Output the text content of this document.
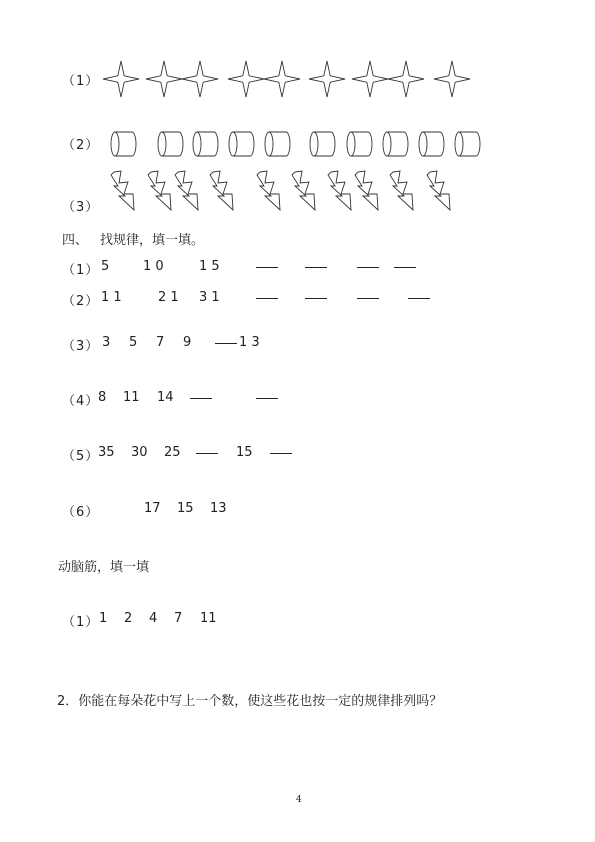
（1）
（2）
（3）
四、 找规律，填一填。
（1） 5	1 0	1 5
（2） 1 1	2 1 3 1
（3） 3 5 7 9	1 3
（4）
8 11 14
（5）
35 30 25	15
（6）	17 15 13
动脑筋，填一填
（1） 1 2 4 7 11
2．你能在每朵花中写上一个数，使这些花也按一定的规律排列吗？
4
